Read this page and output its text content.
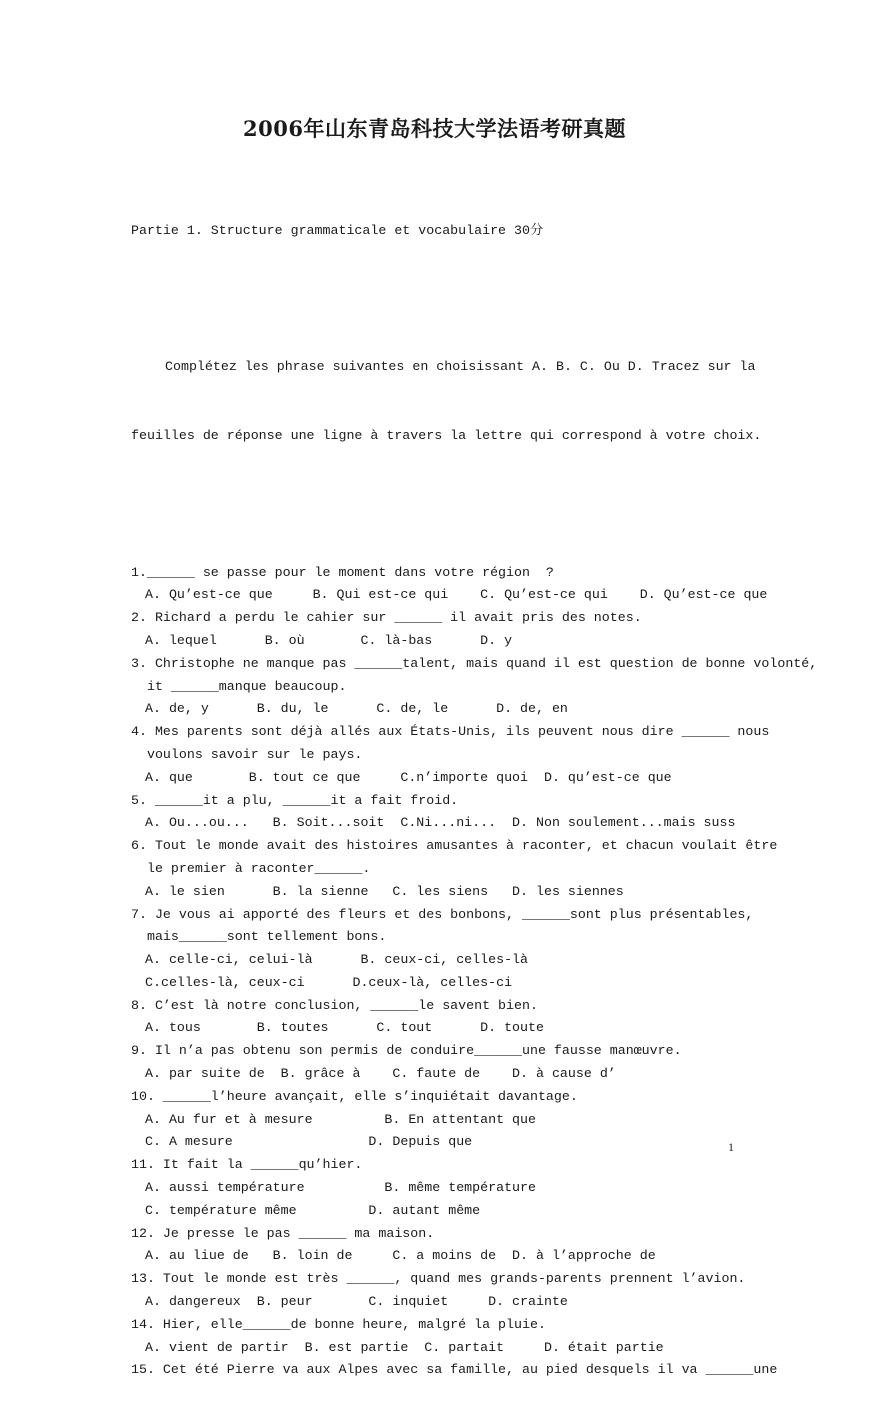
2006年山东青岛科技大学法语考研真题

Partie 1. Structure grammaticale et vocabulaire 30分

Complétez les phrase suivantes en choisissant A. B. C. Ou D. Tracez sur la

feuilles de réponse une ligne à travers la lettre qui correspond à votre choix.

1.______ se passe pour le moment dans votre région  ?
A. Qu’est-ce que     B. Qui est-ce qui    C. Qu’est-ce qui    D. Qu’est-ce que
2. Richard a perdu le cahier sur ______ il avait pris des notes.
A. lequel      B. où       C. là-bas      D. y
3. Christophe ne manque pas ______talent, mais quand il est question de bonne volonté,
it ______manque beaucoup.
A. de, y      B. du, le      C. de, le      D. de, en
4. Mes parents sont déjà allés aux États-Unis, ils peuvent nous dire ______ nous
voulons savoir sur le pays.
A. que       B. tout ce que     C.n’importe quoi  D. qu’est-ce que
5. ______it a plu, ______it a fait froid.
A. Ou...ou...   B. Soit...soit  C.Ni...ni...  D. Non soulement...mais suss
6. Tout le monde avait des histoires amusantes à raconter, et chacun voulait être
le premier à raconter______.
A. le sien      B. la sienne   C. les siens   D. les siennes
7. Je vous ai apporté des fleurs et des bonbons, ______sont plus présentables,
mais______sont tellement bons.
A. celle-ci, celui-là      B. ceux-ci, celles-là
C.celles-là, ceux-ci      D.ceux-là, celles-ci
8. C’est là notre conclusion, ______le savent bien.
A. tous       B. toutes      C. tout      D. toute
9. Il n’a pas obtenu son permis de conduire______une fausse manœuvre.
A. par suite de  B. grâce à    C. faute de    D. à cause d’
10. ______l’heure avançait, elle s’inquiétait davantage.
A. Au fur et à mesure         B. En attentant que
C. A mesure                 D. Depuis que
11. It fait la ______qu’hier.
A. aussi température          B. même température
C. température même         D. autant même
12. Je presse le pas ______ ma maison.
A. au liue de   B. loin de     C. a moins de  D. à l’approche de
13. Tout le monde est très ______, quand mes grands-parents prennent l’avion.
A. dangereux  B. peur       C. inquiet     D. crainte
14. Hier, elle______de bonne heure, malgré la pluie.
A. vient de partir  B. est partie  C. partait     D. était partie
15. Cet été Pierre va aux Alpes avec sa famille, au pied desquels il va ______une

1
